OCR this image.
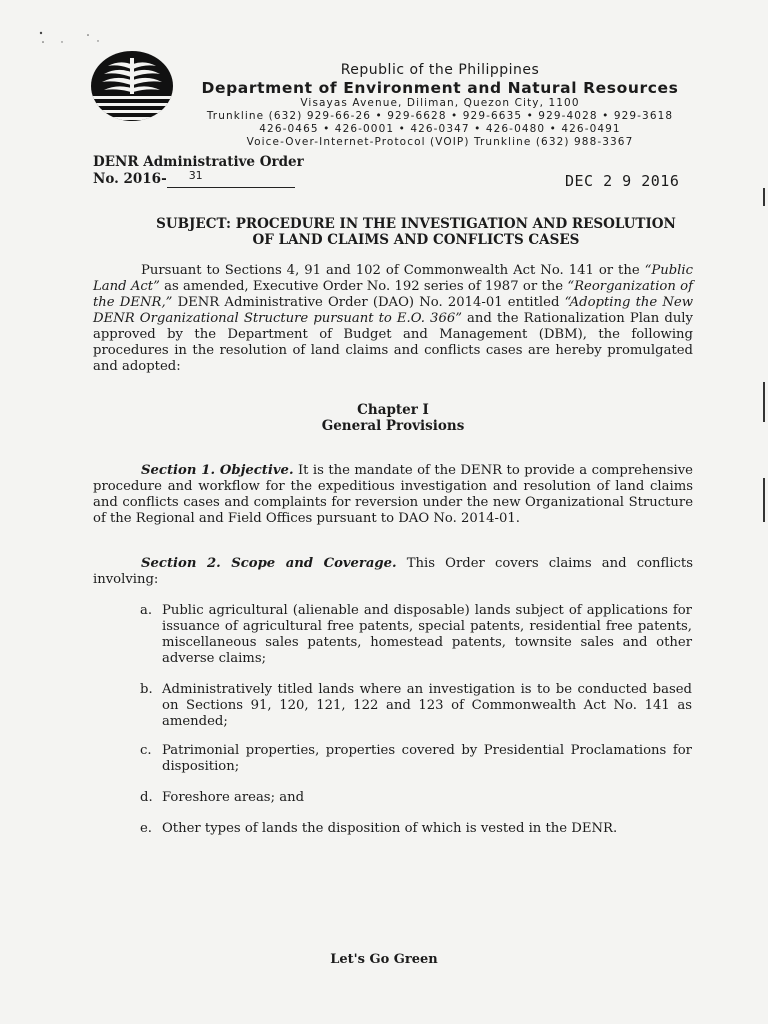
Republic of the Philippines
Department of Environment and Natural Resources
Visayas Avenue, Diliman, Quezon City, 1100
Trunkline (632) 929-66-26 • 929-6628 • 929-6635 • 929-4028 • 929-3618
426-0465 • 426-0001 • 426-0347 • 426-0480 • 426-0491
Voice-Over-Internet-Protocol (VOIP) Trunkline (632) 988-3367
DENR Administrative Order
No. 2016- 31	DEC 2 9 2016
SUBJECT: PROCEDURE IN THE INVESTIGATION AND RESOLUTION
OF LAND CLAIMS AND CONFLICTS CASES
Pursuant to Sections 4, 91 and 102 of Commonwealth Act No. 141 or the “Public Land Act” as amended, Executive Order No. 192 series of 1987 or the “Reorganization of the DENR,” DENR Administrative Order (DAO) No. 2014-01 entitled “Adopting the New DENR Organizational Structure pursuant to E.O. 366” and the Rationalization Plan duly approved by the Department of Budget and Management (DBM), the following procedures in the resolution of land claims and conflicts cases are hereby promulgated and adopted:
Chapter I
General Provisions
Section 1. Objective. It is the mandate of the DENR to provide a comprehensive procedure and workflow for the expeditious investigation and resolution of land claims and conflicts cases and complaints for reversion under the new Organizational Structure of the Regional and Field Offices pursuant to DAO No. 2014-01.
Section 2. Scope and Coverage. This Order covers claims and conflicts involving:
a. Public agricultural (alienable and disposable) lands subject of applications for issuance of agricultural free patents, special patents, residential free patents, miscellaneous sales patents, homestead patents, townsite sales and other adverse claims;
b. Administratively titled lands where an investigation is to be conducted based on Sections 91, 120, 121, 122 and 123 of Commonwealth Act No. 141 as amended;
c. Patrimonial properties, properties covered by Presidential Proclamations for disposition;
d. Foreshore areas; and
e. Other types of lands the disposition of which is vested in the DENR.
Let's Go Green
